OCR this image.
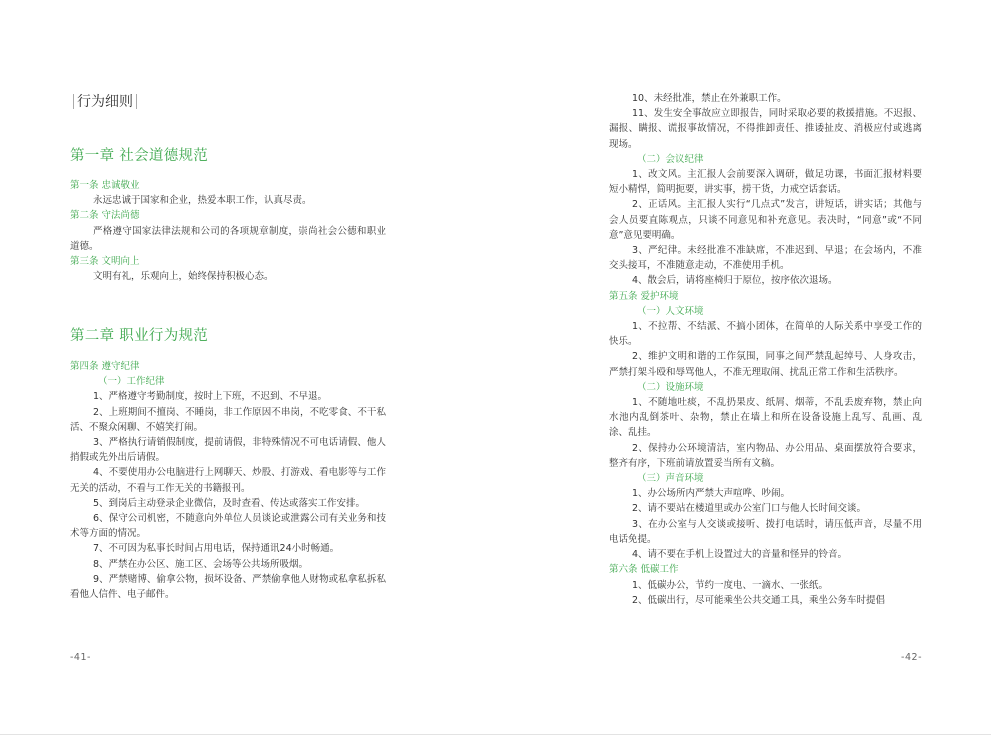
行为细则
第一章 社会道德规范
第一条 忠诚敬业
永远忠诚于国家和企业，热爱本职工作，认真尽责。
第二条 守法尚德
严格遵守国家法律法规和公司的各项规章制度，崇尚社会公德和职业道德。
第三条 文明向上
文明有礼，乐观向上，始终保持积极心态。
第二章 职业行为规范
第四条 遵守纪律
（一）工作纪律
1、严格遵守考勤制度，按时上下班，不迟到、不早退。
2、上班期间不擅岗、不睡岗，非工作原因不串岗，不吃零食、不干私活、不聚众闲聊、不嬉笑打闹。
3、严格执行请销假制度，提前请假，非特殊情况不可电话请假、他人捎假或先外出后请假。
4、不要使用办公电脑进行上网聊天、炒股、打游戏、看电影等与工作无关的活动，不看与工作无关的书籍报刊。
5、到岗后主动登录企业微信，及时查看、传达或落实工作安排。
6、保守公司机密，不随意向外单位人员谈论或泄露公司有关业务和技术等方面的情况。
7、不可因为私事长时间占用电话，保持通讯24小时畅通。
8、严禁在办公区、施工区、会场等公共场所吸烟。
9、严禁赌博、偷拿公物，损坏设备、严禁偷拿他人财物或私拿私拆私看他人信件、电子邮件。
-41-
10、未经批准，禁止在外兼职工作。
11、发生安全事故应立即报告，同时采取必要的救援措施。不迟报、漏报、瞒报、谎报事故情况，不得推卸责任、推诿扯皮、消极应付或逃离现场。
（二）会议纪律
1、改文风。主汇报人会前要深入调研，做足功课，书面汇报材料要短小精悍，简明扼要，讲实事，捞干货，力戒空话套话。
2、正话风。主汇报人实行“几点式”发言，讲短话，讲实话；其他与会人员要直陈观点，只谈不同意见和补充意见。表决时，“同意”或“不同意”意见要明确。
3、严纪律。未经批准不准缺席，不准迟到、早退；在会场内，不准交头接耳，不准随意走动，不准使用手机。
4、散会后，请将座椅归于原位，按序依次退场。
第五条 爱护环境
（一）人文环境
1、不拉帮、不结派、不搞小团体，在简单的人际关系中享受工作的快乐。
2、维护文明和谐的工作氛围，同事之间严禁乱起绰号、人身攻击，严禁打架斗殴和辱骂他人，不准无理取闹、扰乱正常工作和生活秩序。
（二）设施环境
1、不随地吐痰，不乱扔果皮、纸屑、烟蒂，不乱丢废弃物，禁止向水池内乱倒茶叶、杂物，禁止在墙上和所在设备设施上乱写、乱画、乱涂、乱挂。
2、保持办公环境清洁，室内物品、办公用品、桌面摆放符合要求，整齐有序，下班前请放置妥当所有文稿。
（三）声音环境
1、办公场所内严禁大声喧哗、吵闹。
2、请不要站在楼道里或办公室门口与他人长时间交谈。
3、在办公室与人交谈或接听、拨打电话时，请压低声音，尽量不用电话免提。
4、请不要在手机上设置过大的音量和怪异的铃音。
第六条 低碳工作
1、低碳办公，节约一度电、一滴水、一张纸。
2、低碳出行，尽可能乘坐公共交通工具，乘坐公务车时提倡
-42-
